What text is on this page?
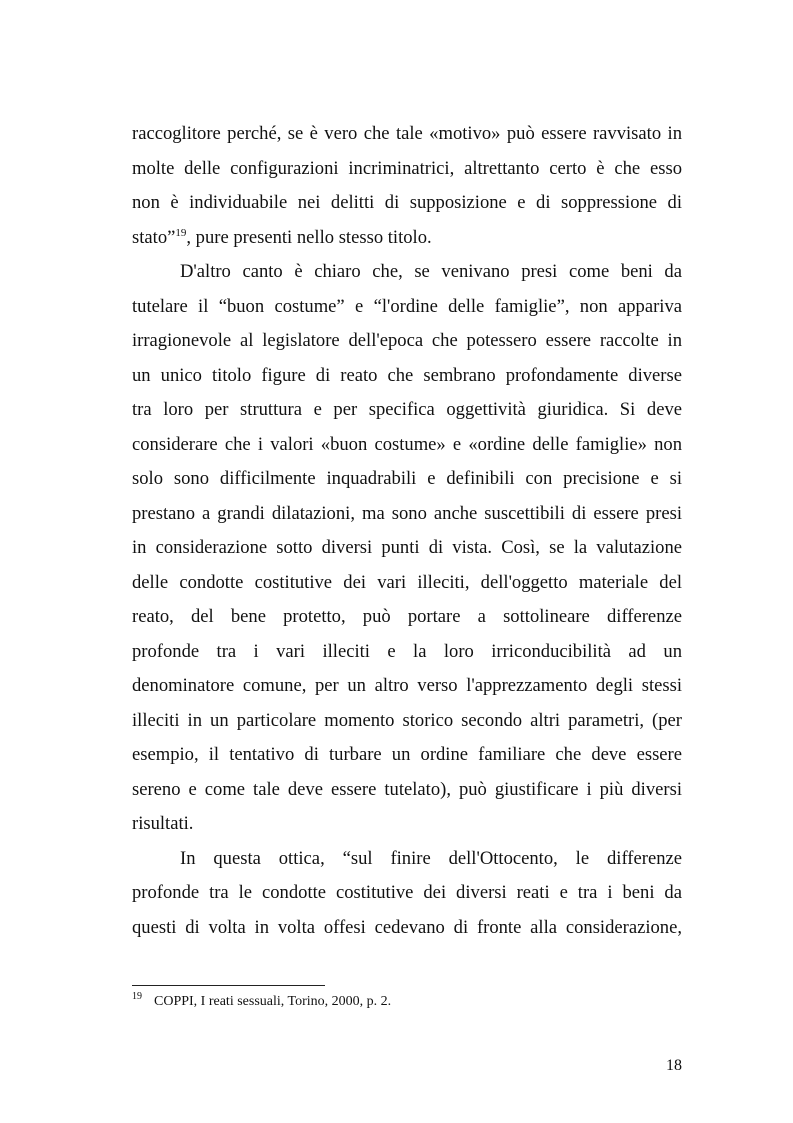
raccoglitore perché, se è vero che tale «motivo» può essere ravvisato in
molte delle configurazioni incriminatrici, altrettanto certo è che esso
non è individuabile nei delitti di supposizione e di soppressione di
stato”$^{19}$, pure presenti nello stesso titolo.
D'altro canto è chiaro che, se venivano presi come beni da
tutelare il “buon costume” e “l'ordine delle famiglie”, non appariva
irragionevole al legislatore dell'epoca che potessero essere raccolte in
un unico titolo figure di reato che sembrano profondamente diverse
tra loro per struttura e per specifica oggettività giuridica. Si deve
considerare che i valori «buon costume» e «ordine delle famiglie» non
solo sono difficilmente inquadrabili e definibili con precisione e si
prestano a grandi dilatazioni, ma sono anche suscettibili di essere presi
in considerazione sotto diversi punti di vista. Così, se la valutazione
delle condotte costitutive dei vari illeciti, dell'oggetto materiale del
reato, del bene protetto, può portare a sottolineare differenze
profonde tra i vari illeciti e la loro irriconducibilità ad un
denominatore comune, per un altro verso l'apprezzamento degli stessi
illeciti in un particolare momento storico secondo altri parametri, (per
esempio, il tentativo di turbare un ordine familiare che deve essere
sereno e come tale deve essere tutelato), può giustificare i più diversi
risultati.
In questa ottica, “sul finire dell'Ottocento, le differenze
profonde tra le condotte costitutive dei diversi reati e tra i beni da
questi di volta in volta offesi cedevano di fronte alla considerazione,
19 COPPI, I reati sessuali, Torino, 2000, p. 2.
18
